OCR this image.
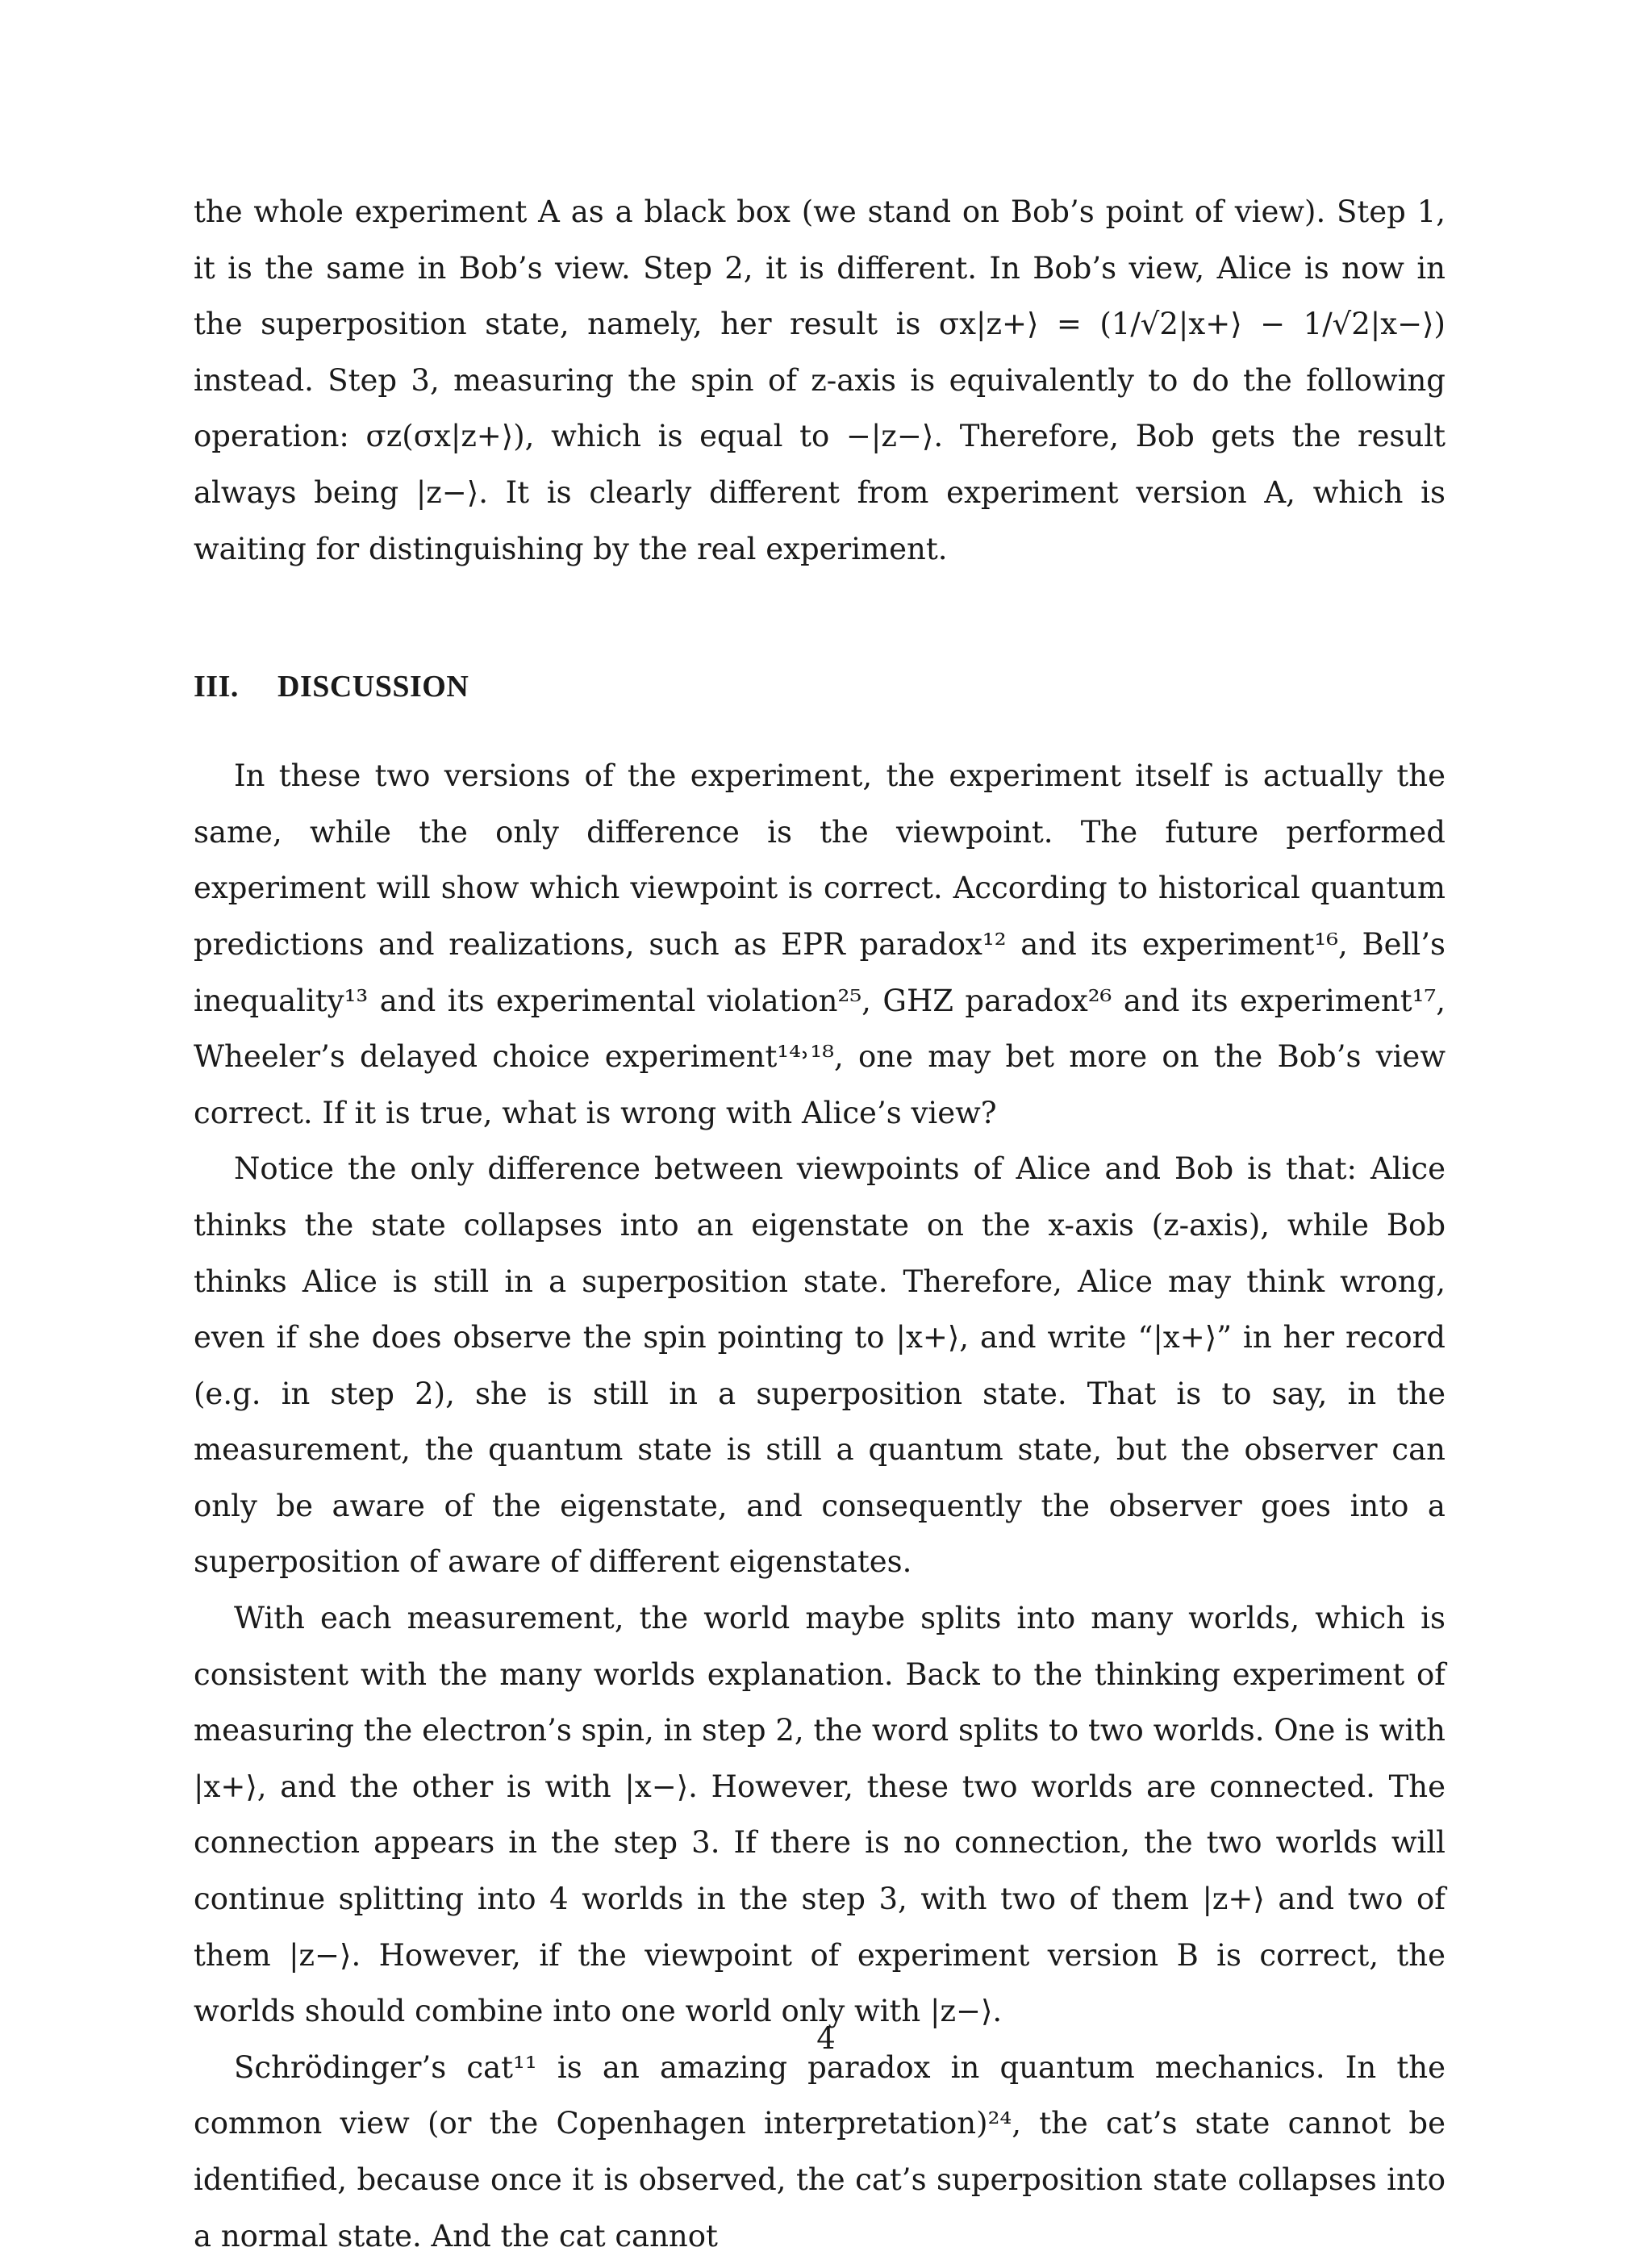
the whole experiment A as a black box (we stand on Bob’s point of view). Step 1, it is the same in Bob’s view. Step 2, it is different. In Bob’s view, Alice is now in the superposition state, namely, her result is σx|z+⟩ = (1/√2|x+⟩ − 1/√2|x−⟩) instead. Step 3, measuring the spin of z-axis is equivalently to do the following operation: σz(σx|z+⟩), which is equal to −|z−⟩. Therefore, Bob gets the result always being |z−⟩. It is clearly different from experiment version A, which is waiting for distinguishing by the real experiment.

III. DISCUSSION

In these two versions of the experiment, the experiment itself is actually the same, while the only difference is the viewpoint. The future performed experiment will show which viewpoint is correct. According to historical quantum predictions and realizations, such as EPR paradox¹² and its experiment¹⁶, Bell’s inequality¹³ and its experimental violation²⁵, GHZ paradox²⁶ and its experiment¹⁷, Wheeler’s delayed choice experiment¹⁴˒¹⁸, one may bet more on the Bob’s view correct. If it is true, what is wrong with Alice’s view?

Notice the only difference between viewpoints of Alice and Bob is that: Alice thinks the state collapses into an eigenstate on the x-axis (z-axis), while Bob thinks Alice is still in a superposition state. Therefore, Alice may think wrong, even if she does observe the spin pointing to |x+⟩, and write “|x+⟩” in her record (e.g. in step 2), she is still in a superposition state. That is to say, in the measurement, the quantum state is still a quantum state, but the observer can only be aware of the eigenstate, and consequently the observer goes into a superposition of aware of different eigenstates.

With each measurement, the world maybe splits into many worlds, which is consistent with the many worlds explanation. Back to the thinking experiment of measuring the electron’s spin, in step 2, the word splits to two worlds. One is with |x+⟩, and the other is with |x−⟩. However, these two worlds are connected. The connection appears in the step 3. If there is no connection, the two worlds will continue splitting into 4 worlds in the step 3, with two of them |z+⟩ and two of them |z−⟩. However, if the viewpoint of experiment version B is correct, the worlds should combine into one world only with |z−⟩.

Schrödinger’s cat¹¹ is an amazing paradox in quantum mechanics. In the common view (or the Copenhagen interpretation)²⁴, the cat’s state cannot be identified, because once it is observed, the cat’s superposition state collapses into a normal state. And the cat cannot

4
